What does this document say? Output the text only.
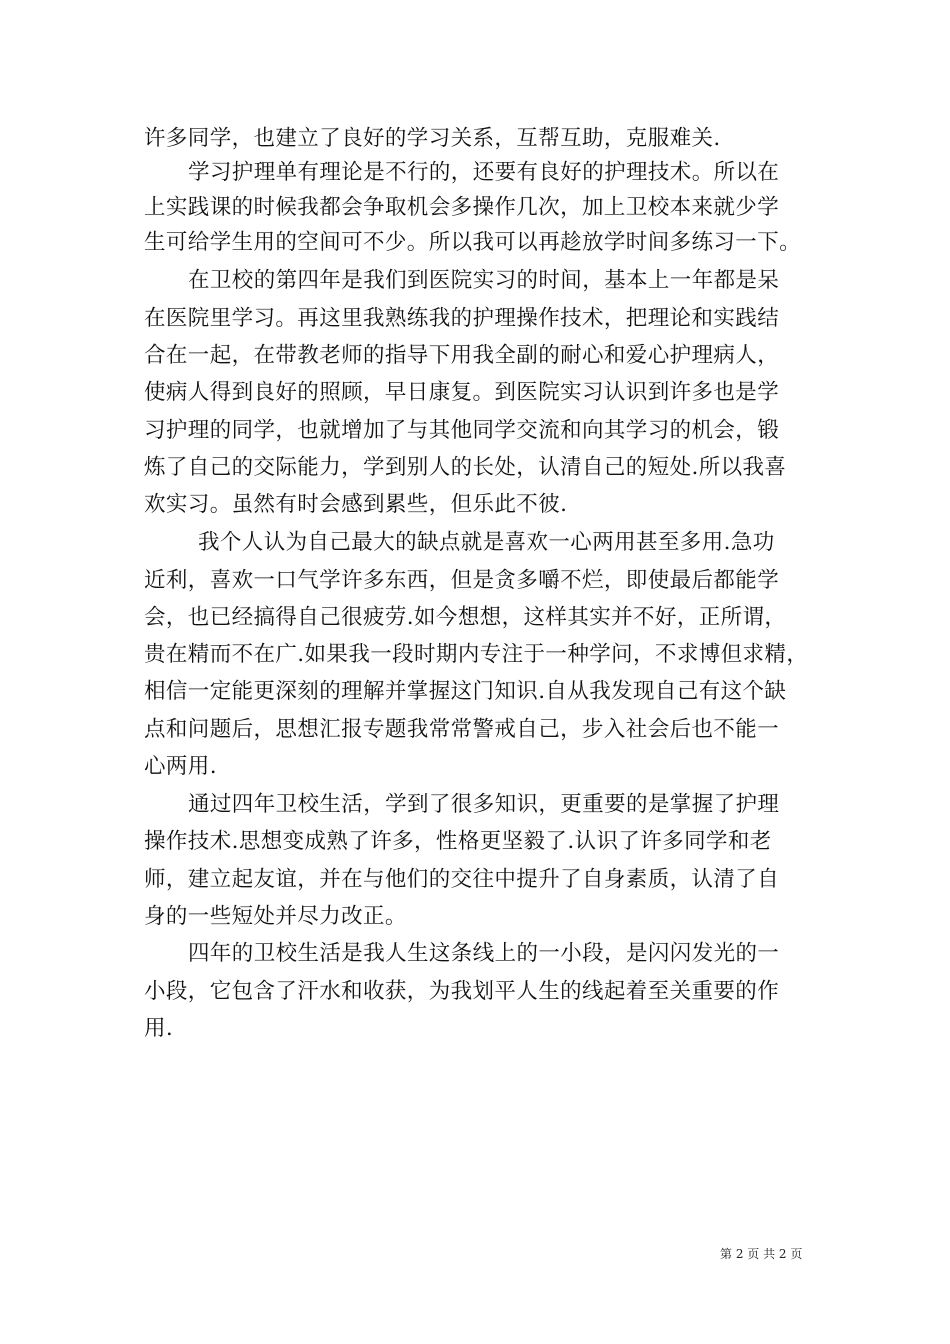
许多同学，也建立了良好的学习关系，互帮互助，克服难关.
学习护理单有理论是不行的，还要有良好的护理技术。所以在
上实践课的时候我都会争取机会多操作几次，加上卫校本来就少学
生可给学生用的空间可不少。所以我可以再趁放学时间多练习一下。
在卫校的第四年是我们到医院实习的时间，基本上一年都是呆
在医院里学习。再这里我熟练我的护理操作技术，把理论和实践结
合在一起，在带教老师的指导下用我全副的耐心和爱心护理病人，
使病人得到良好的照顾，早日康复。到医院实习认识到许多也是学
习护理的同学，也就增加了与其他同学交流和向其学习的机会，锻
炼了自己的交际能力，学到别人的长处，认清自己的短处.所以我喜
欢实习。虽然有时会感到累些，但乐此不彼.
我个人认为自己最大的缺点就是喜欢一心两用甚至多用.急功
近利，喜欢一口气学许多东西，但是贪多嚼不烂，即使最后都能学
会，也已经搞得自己很疲劳.如今想想，这样其实并不好，正所谓，
贵在精而不在广.如果我一段时期内专注于一种学问，不求博但求精，
相信一定能更深刻的理解并掌握这门知识.自从我发现自己有这个缺
点和问题后，思想汇报专题我常常警戒自己，步入社会后也不能一
心两用.
通过四年卫校生活，学到了很多知识，更重要的是掌握了护理
操作技术.思想变成熟了许多，性格更坚毅了.认识了许多同学和老
师，建立起友谊，并在与他们的交往中提升了自身素质，认清了自
身的一些短处并尽力改正。
四年的卫校生活是我人生这条线上的一小段，是闪闪发光的一
小段，它包含了汗水和收获，为我划平人生的线起着至关重要的作
用.
第 2 页 共 2 页
